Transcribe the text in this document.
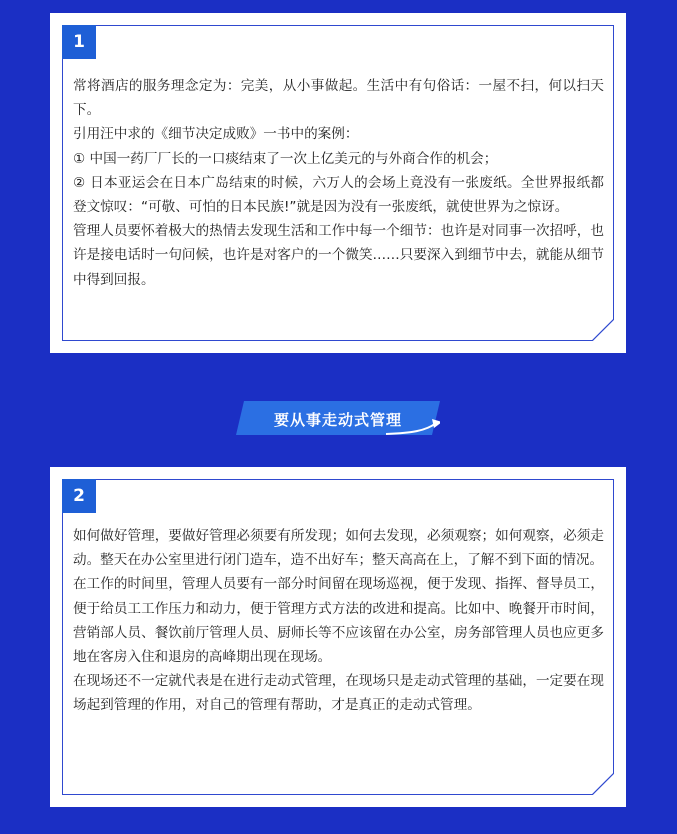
1

常将酒店的服务理念定为：完美，从小事做起。生活中有句俗话：一屋不扫，何以扫天下。

引用汪中求的《细节决定成败》一书中的案例：

① 中国一药厂厂长的一口痰结束了一次上亿美元的与外商合作的机会；

② 日本亚运会在日本广岛结束的时候，六万人的会场上竟没有一张废纸。全世界报纸都登文惊叹：“可敬、可怕的日本民族!”就是因为没有一张废纸，就使世界为之惊讶。

管理人员要怀着极大的热情去发现生活和工作中每一个细节：也许是对同事一次招呼，也许是接电话时一句问候，也许是对客户的一个微笑……只要深入到细节中去，就能从细节中得到回报。

要从事走动式管理
2

如何做好管理，要做好管理必须要有所发现；如何去发现，必须观察；如何观察，必须走动。整天在办公室里进行闭门造车，造不出好车；整天高高在上，了解不到下面的情况。

在工作的时间里，管理人员要有一部分时间留在现场巡视，便于发现、指挥、督导员工，便于给员工工作压力和动力，便于管理方式方法的改进和提高。比如中、晚餐开市时间，营销部人员、餐饮前厅管理人员、厨师长等不应该留在办公室，房务部管理人员也应更多地在客房入住和退房的高峰期出现在现场。

在现场还不一定就代表是在进行走动式管理，在现场只是走动式管理的基础，一定要在现场起到管理的作用，对自己的管理有帮助，才是真正的走动式管理。
